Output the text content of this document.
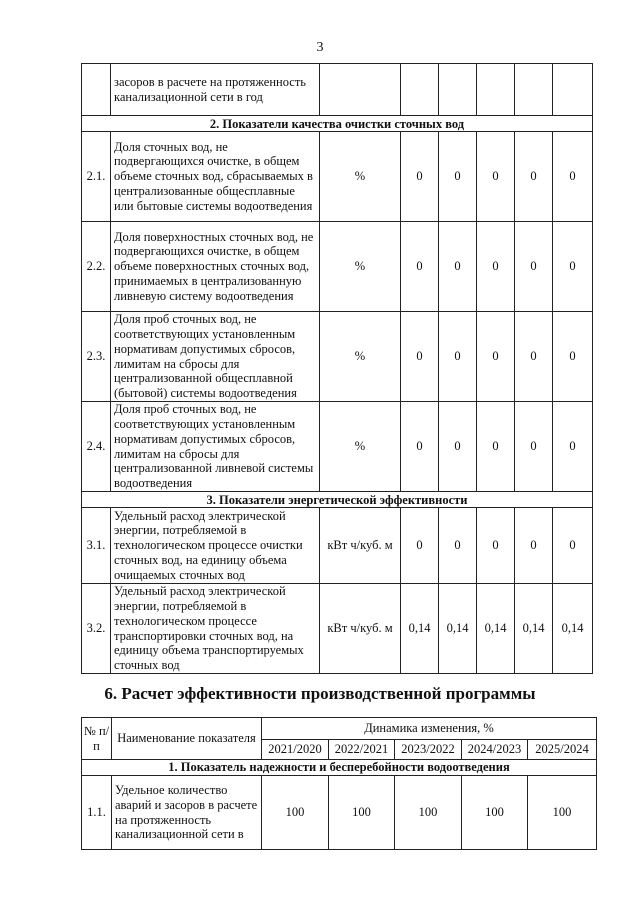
3
	засоров в расчете на протяженность канализационной сети в год						
2. Показатели качества очистки сточных вод							
2.1.	Доля сточных вод, не подвергающихся очистке, в общем объеме сточных вод, сбрасываемых в централизованные общесплавные или бытовые системы водоотведения	%	0	0	0	0	0
2.2.	Доля поверхностных сточных вод, не подвергающихся очистке, в общем объеме поверхностных сточных вод, принимаемых в централизованную ливневую систему водоотведения	%	0	0	0	0	0
2.3.	Доля проб сточных вод, не соответствующих установленным нормативам допустимых сбросов, лимитам на сбросы для централизованной общесплавной (бытовой) системы водоотведения	%	0	0	0	0	0
2.4.	Доля проб сточных вод, не соответствующих установленным нормативам допустимых сбросов, лимитам на сбросы для централизованной ливневой системы водоотведения	%	0	0	0	0	0
3. Показатели энергетической эффективности							
3.1.	Удельный расход электрической энергии, потребляемой в технологическом процессе очистки сточных вод, на единицу объема очищаемых сточных вод	кВт ч/куб. м	0	0	0	0	0
3.2.	Удельный расход электрической энергии, потребляемой в технологическом процессе транспортировки сточных вод, на единицу объема транспортируемых сточных вод	кВт ч/куб. м	0,14	0,14	0,14	0,14	0,14
6. Расчет эффективности производственной программы
№ п/п	Наименование показателя	Динамика изменения, %				
		2021/2020	2022/2021	2023/2022	2024/2023	2025/2024
1. Показатель надежности и бесперебойности водоотведения						
1.1.	Удельное количество аварий и засоров в расчете на протяженность канализационной сети в	100	100	100	100	100
